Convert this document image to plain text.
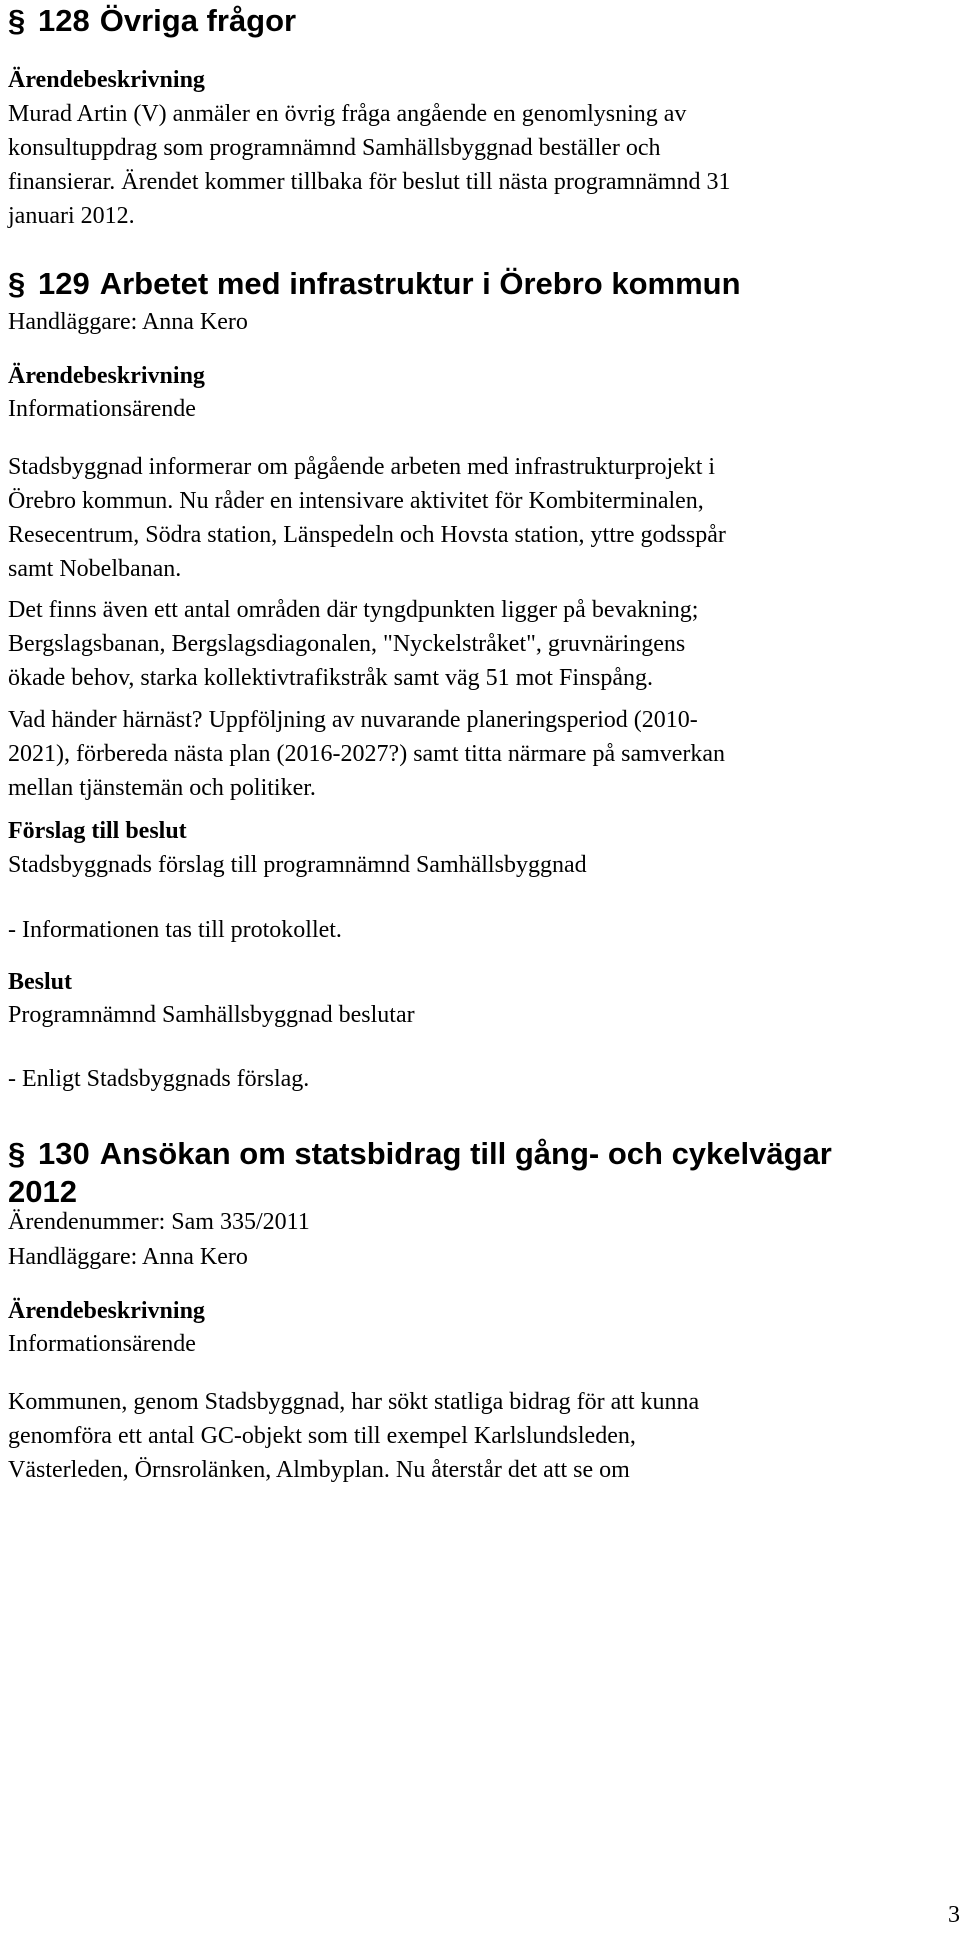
§ 128 Övriga frågor
Ärendebeskrivning
Murad Artin (V) anmäler en övrig fråga angående en genomlysning av
konsultuppdrag som programnämnd Samhällsbyggnad beställer och
finansierar. Ärendet kommer tillbaka för beslut till nästa programnämnd 31
januari 2012.
§ 129 Arbetet med infrastruktur i Örebro kommun
Handläggare: Anna Kero
Ärendebeskrivning
Informationsärende
Stadsbyggnad informerar om pågående arbeten med infrastrukturprojekt i
Örebro kommun. Nu råder en intensivare aktivitet för Kombiterminalen,
Resecentrum, Södra station, Länspedeln och Hovsta station, yttre godsspår
samt Nobelbanan.
Det finns även ett antal områden där tyngdpunkten ligger på bevakning;
Bergslagsbanan, Bergslagsdiagonalen, "Nyckelstråket", gruvnäringens
ökade behov, starka kollektivtrafikstråk samt väg 51 mot Finspång.
Vad händer härnäst? Uppföljning av nuvarande planeringsperiod (2010-
2021), förbereda nästa plan (2016-2027?) samt titta närmare på samverkan
mellan tjänstemän och politiker.
Förslag till beslut
Stadsbyggnads förslag till programnämnd Samhällsbyggnad
- Informationen tas till protokollet.
Beslut
Programnämnd Samhällsbyggnad beslutar
- Enligt Stadsbyggnads förslag.
§ 130 Ansökan om statsbidrag till gång- och cykelvägar
2012
Ärendenummer: Sam 335/2011
Handläggare: Anna Kero
Ärendebeskrivning
Informationsärende
Kommunen, genom Stadsbyggnad, har sökt statliga bidrag för att kunna
genomföra ett antal GC-objekt som till exempel Karlslundsleden,
Västerleden, Örnsrolänken, Almbyplan. Nu återstår det att se om
3
